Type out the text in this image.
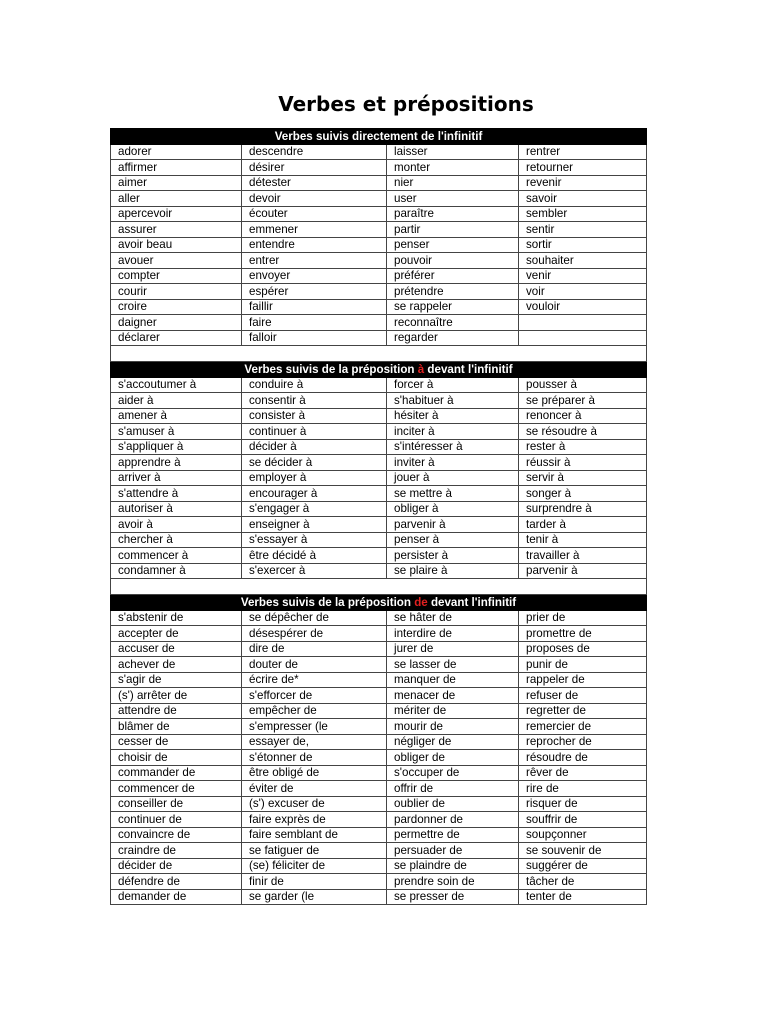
Verbes et prépositions
Verbes suivis directement de l'infinitif			
adorer	descendre	laisser	rentrer
affirmer	désirer	monter	retourner
aimer	détester	nier	revenir
aller	devoir	user	savoir
apercevoir	écouter	paraître	sembler
assurer	emmener	partir	sentir
avoir beau	entendre	penser	sortir
avouer	entrer	pouvoir	souhaiter
compter	envoyer	préférer	venir
courir	espérer	prétendre	voir
croire	faillir	se rappeler	vouloir
daigner	faire	reconnaître	
déclarer	falloir	regarder	

Verbes suivis de la préposition à devant l'infinitif			
s'accoutumer à	conduire à	forcer à	pousser à
aider à	consentir à	s'habituer à	se préparer à
amener à	consister à	hésiter à	renoncer à
s'amuser à	continuer à	inciter à	se résoudre à
s'appliquer à	décider à	s'intéresser à	rester à
apprendre à	se décider à	inviter à	réussir à
arriver à	employer à	jouer à	servir à
s'attendre à	encourager à	se mettre à	songer à
autoriser à	s'engager à	obliger à	surprendre à
avoir à	enseigner à	parvenir à	tarder à
chercher à	s'essayer à	penser à	tenir à
commencer à	être décidé à	persister à	travailler à
condamner à	s'exercer à	se plaire à	parvenir à

Verbes suivis de la préposition de devant l'infinitif			
s'abstenir de	se dépêcher de	se hâter de	prier de
accepter de	désespérer de	interdire de	promettre de
accuser de	dire de	jurer de	proposes de
achever de	douter de	se lasser de	punir de
s'agir de	écrire de*	manquer de	rappeler de
(s') arrêter de	s'efforcer de	menacer de	refuser de
attendre de	empêcher de	mériter de	regretter de
blâmer de	s'empresser (le	mourir de	remercier de
cesser de	essayer de,	négliger de	reprocher de
choisir de	s'étonner de	obliger de	résoudre de
commander de	être obligé de	s'occuper de	rêver de
commencer de	éviter de	offrir de	rire de
conseiller de	(s') excuser de	oublier de	risquer de
continuer de	faire exprès de	pardonner de	souffrir de
convaincre de	faire semblant de	permettre de	soupçonner
craindre de	se fatiguer de	persuader de	se souvenir de
décider de	(se) féliciter de	se plaindre de	suggérer de
défendre de	finir de	prendre soin de	tâcher de
demander de	se garder (le	se presser de	tenter de
